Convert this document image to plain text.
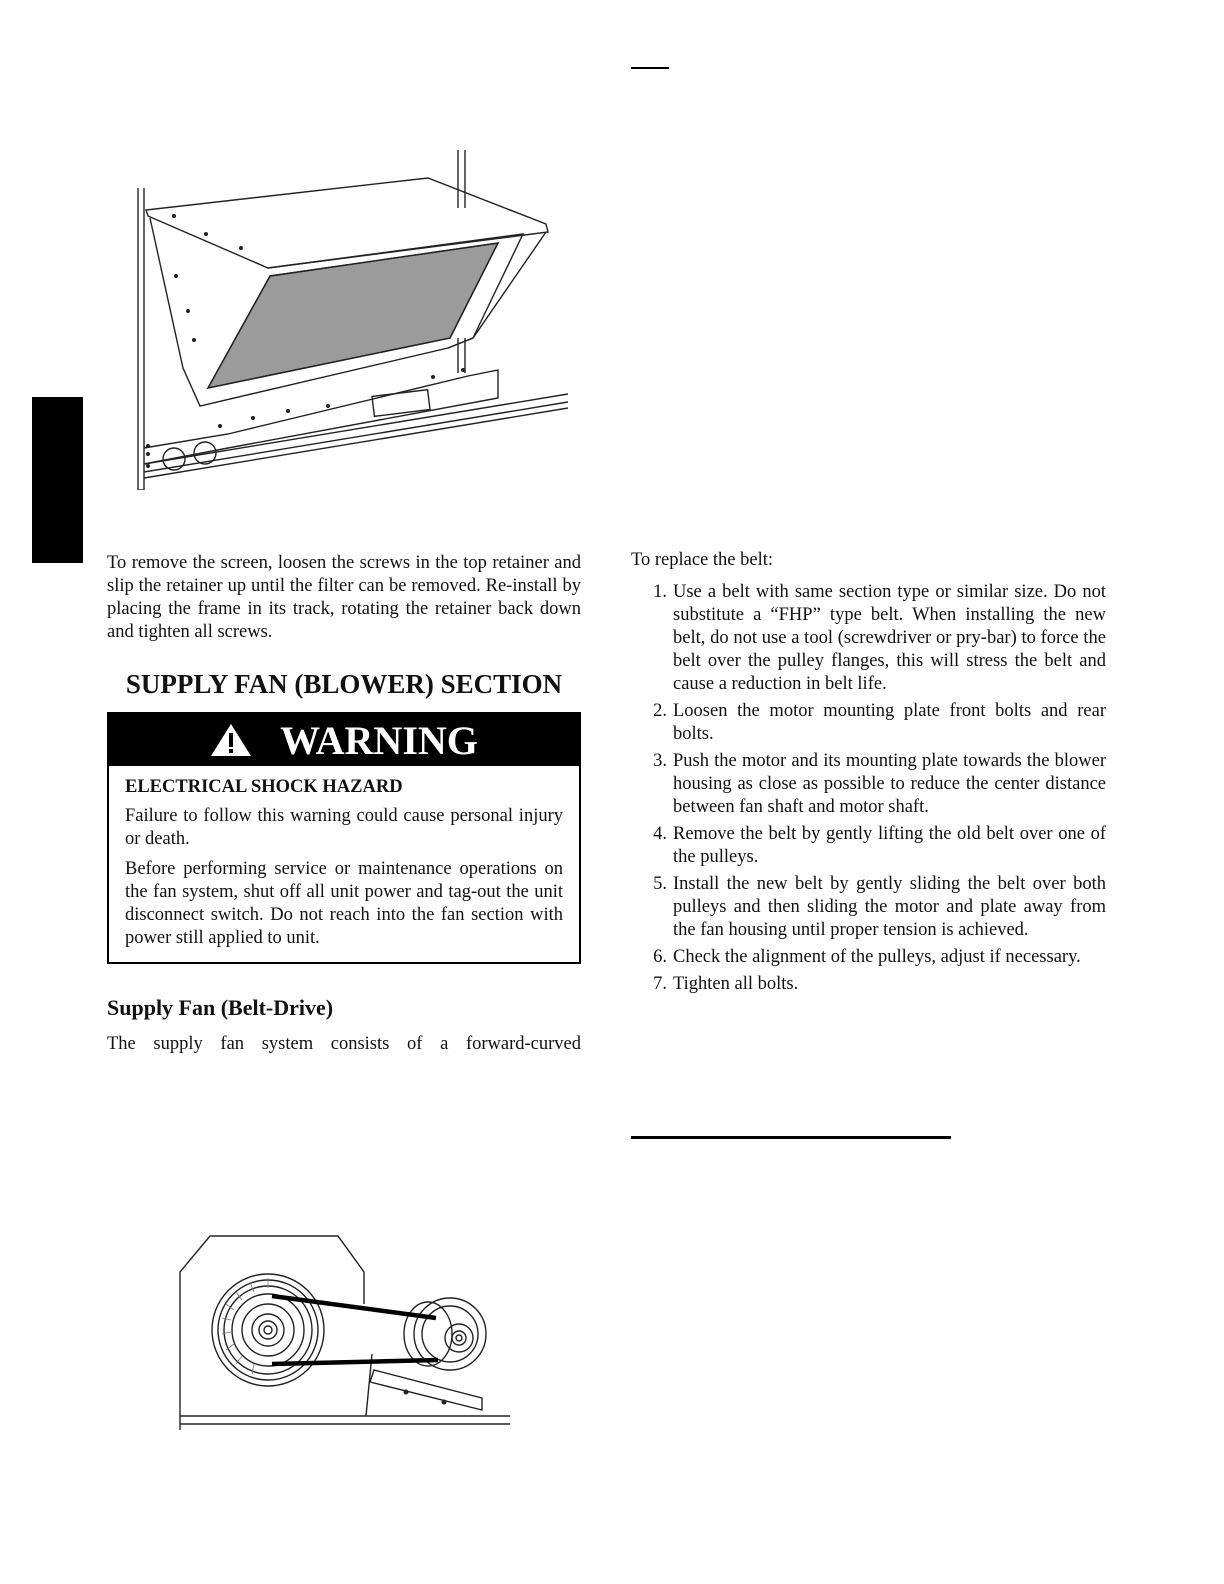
To remove the screen, loosen the screws in the top retainer and slip the retainer up until the filter can be removed. Re-install by placing the frame in its track, rotating the retainer back down and tighten all screws.

SUPPLY FAN (BLOWER) SECTION
WARNING
ELECTRICAL SHOCK HAZARD

Failure to follow this warning could cause personal injury or death.

Before performing service or maintenance operations on the fan system, shut off all unit power and tag-out the unit disconnect switch. Do not reach into the fan section with power still applied to unit.

Supply Fan (Belt-Drive)

The supply fan system consists of a forward-curved

To replace the belt:

1 . Use a belt with same section type or similar size. Do not substitute a “FHP” type belt. When installing the new belt, do not use a tool (screwdriver or pry-bar) to force the belt over the pulley flanges, this will stress the belt and cause a reduction in belt life.
2 . Loosen the motor mounting plate front bolts and rear bolts.
3 . Push the motor and its mounting plate towards the blower housing as close as possible to reduce the center distance between fan shaft and motor shaft.
4 . Remove the belt by gently lifting the old belt over one of the pulleys.
5 . Install the new belt by gently sliding the belt over both pulleys and then sliding the motor and plate away from the fan housing until proper tension is achieved.
6 . Check the alignment of the pulleys, adjust if necessary.
7 . Tighten all bolts.
